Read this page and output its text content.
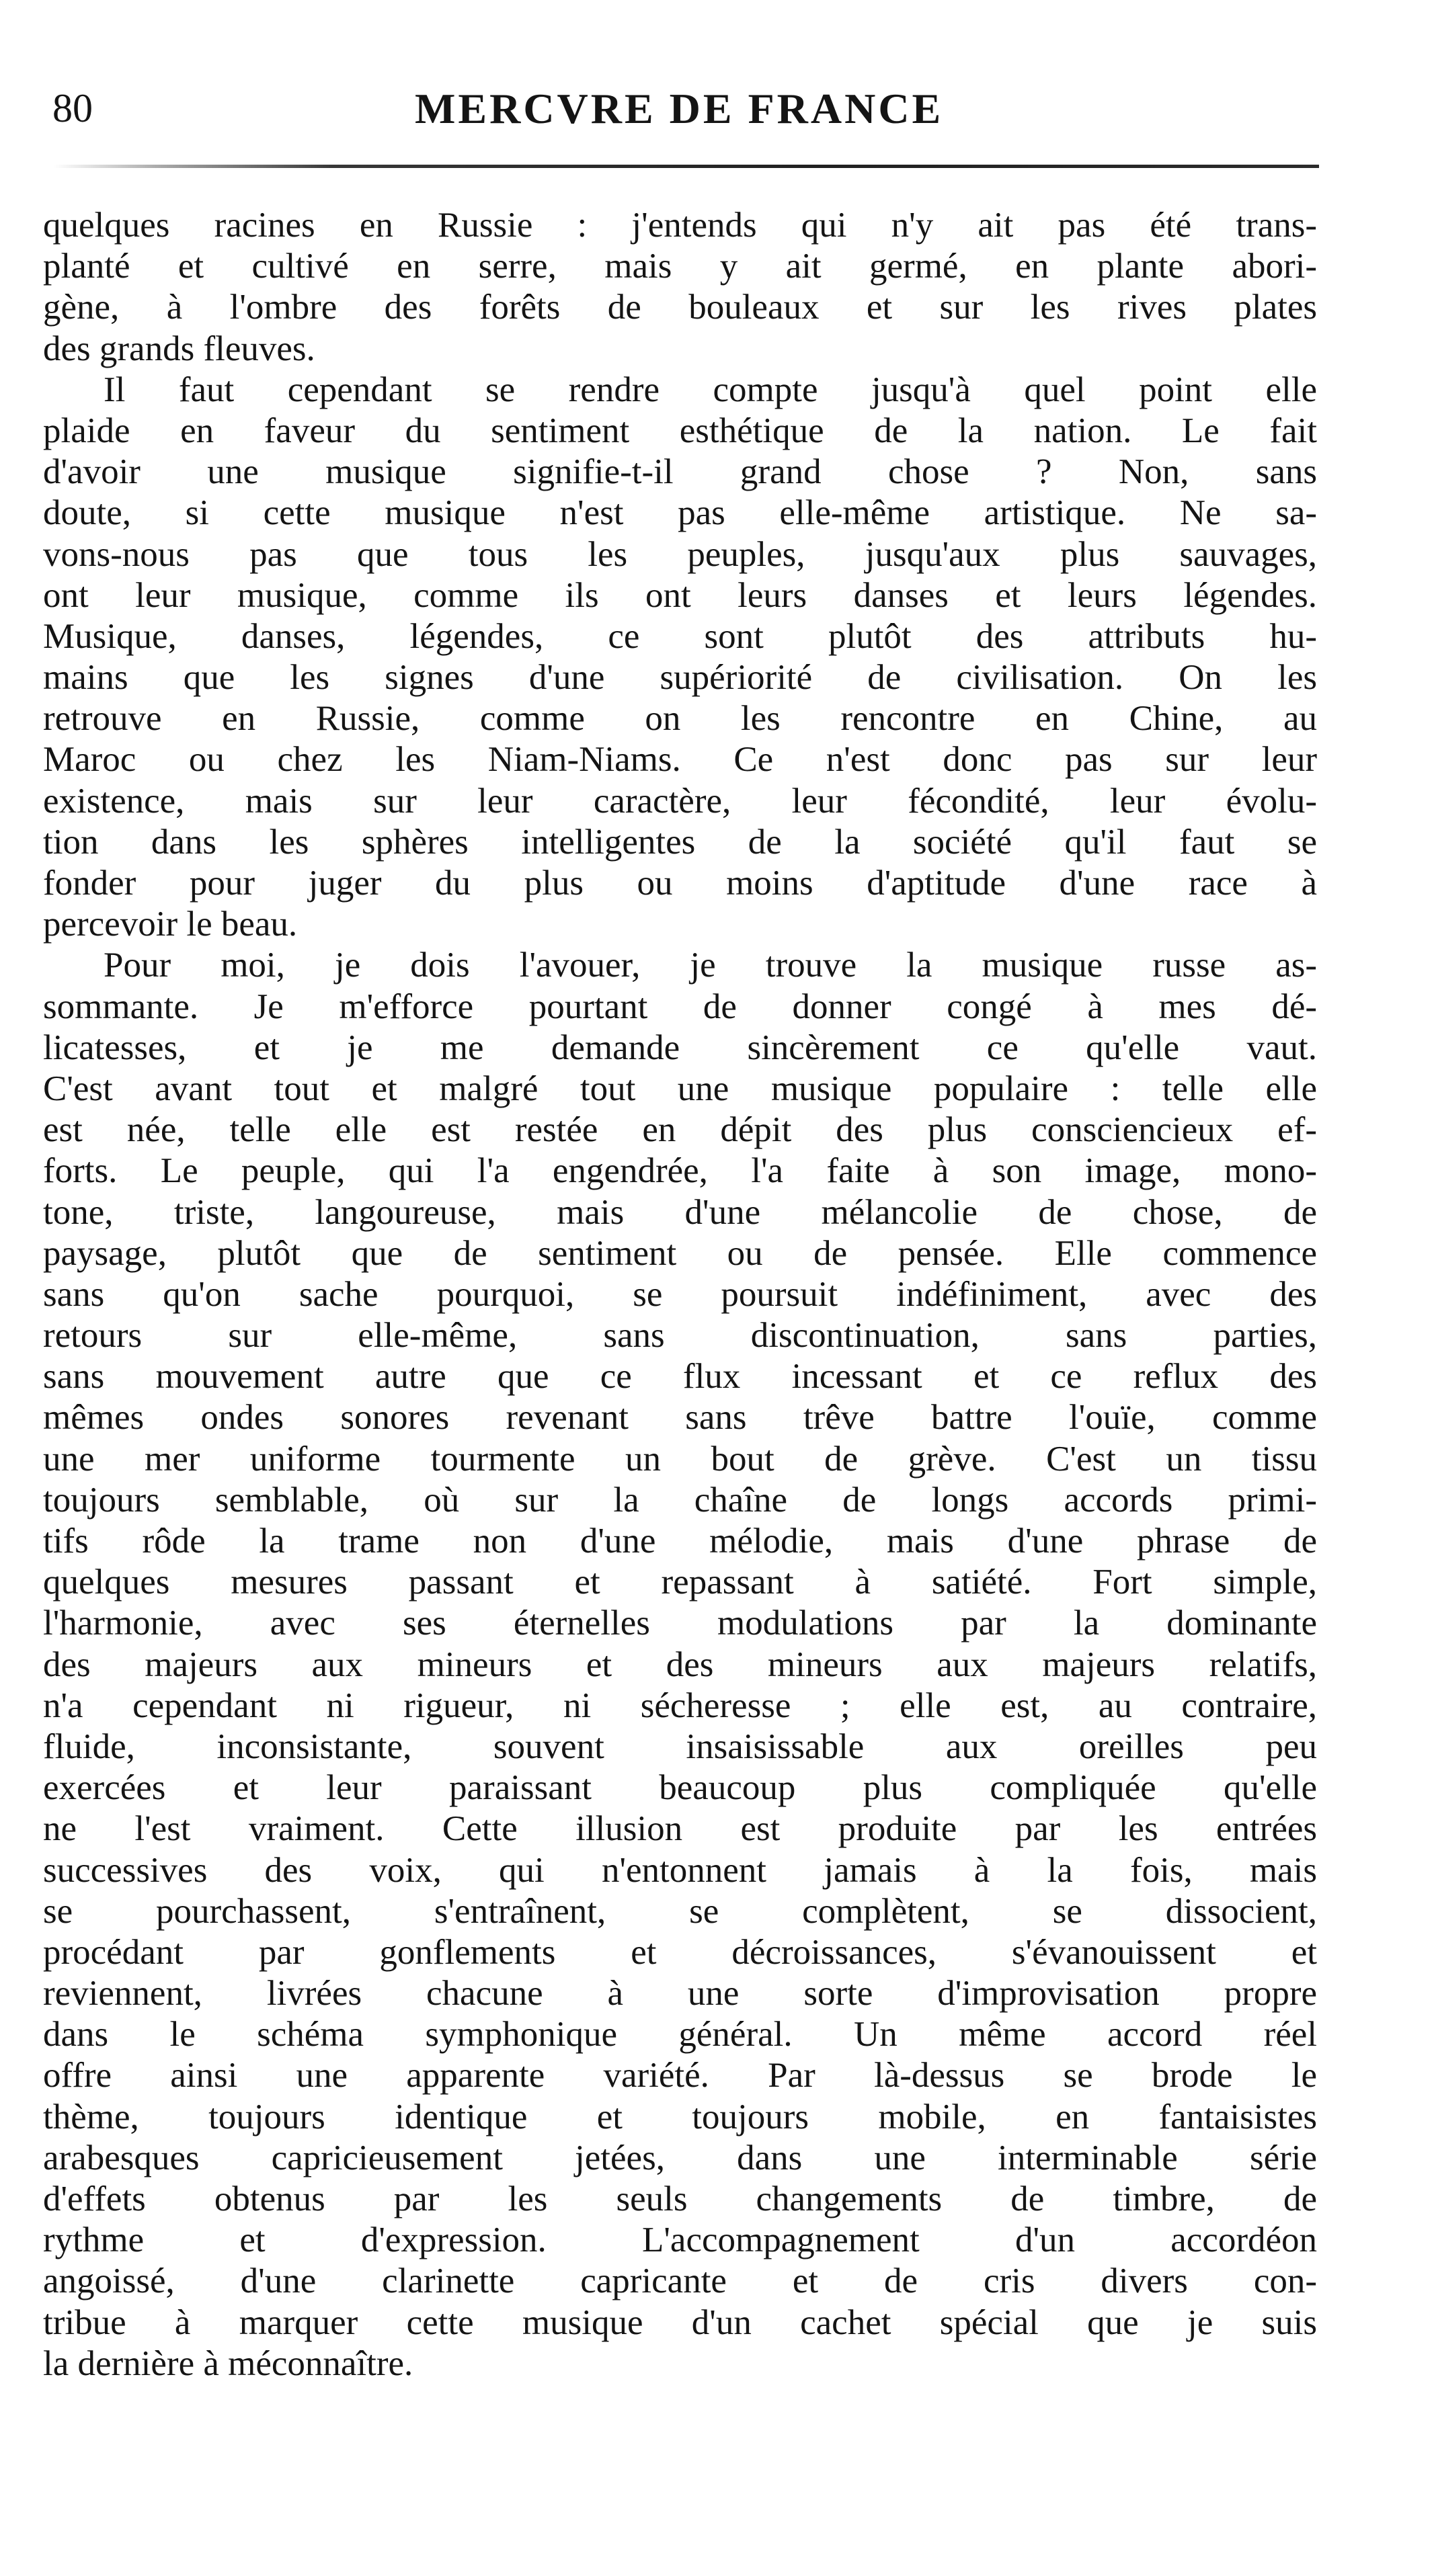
80	MERCVRE DE FRANCE
quelques racines en Russie : j'entends qui n'y ait pas été trans-
planté et cultivé en serre, mais y ait germé, en plante abori-
gène, à l'ombre des forêts de bouleaux et sur les rives plates
des grands fleuves.
Il faut cependant se rendre compte jusqu'à quel point elle
plaide en faveur du sentiment esthétique de la nation. Le fait
d'avoir une musique signifie-t-il grand chose ? Non, sans
doute, si cette musique n'est pas elle-même artistique. Ne sa-
vons-nous pas que tous les peuples, jusqu'aux plus sauvages,
ont leur musique, comme ils ont leurs danses et leurs légendes.
Musique, danses, légendes, ce sont plutôt des attributs hu-
mains que les signes d'une supériorité de civilisation. On les
retrouve en Russie, comme on les rencontre en Chine, au
Maroc ou chez les Niam-Niams. Ce n'est donc pas sur leur
existence, mais sur leur caractère, leur fécondité, leur évolu-
tion dans les sphères intelligentes de la société qu'il faut se
fonder pour juger du plus ou moins d'aptitude d'une race à
percevoir le beau.
Pour moi, je dois l'avouer, je trouve la musique russe as-
sommante. Je m'efforce pourtant de donner congé à mes dé-
licatesses, et je me demande sincèrement ce qu'elle vaut.
C'est avant tout et malgré tout une musique populaire : telle elle
est née, telle elle est restée en dépit des plus consciencieux ef-
forts. Le peuple, qui l'a engendrée, l'a faite à son image, mono-
tone, triste, langoureuse, mais d'une mélancolie de chose, de
paysage, plutôt que de sentiment ou de pensée. Elle commence
sans qu'on sache pourquoi, se poursuit indéfiniment, avec des
retours sur elle-même, sans discontinuation, sans parties,
sans mouvement autre que ce flux incessant et ce reflux des
mêmes ondes sonores revenant sans trêve battre l'ouïe, comme
une mer uniforme tourmente un bout de grève. C'est un tissu
toujours semblable, où sur la chaîne de longs accords primi-
tifs rôde la trame non d'une mélodie, mais d'une phrase de
quelques mesures passant et repassant à satiété. Fort simple,
l'harmonie, avec ses éternelles modulations par la dominante
des majeurs aux mineurs et des mineurs aux majeurs relatifs,
n'a cependant ni rigueur, ni sécheresse ; elle est, au contraire,
fluide, inconsistante, souvent insaisissable aux oreilles peu
exercées et leur paraissant beaucoup plus compliquée qu'elle
ne l'est vraiment. Cette illusion est produite par les entrées
successives des voix, qui n'entonnent jamais à la fois, mais
se pourchassent, s'entraînent, se complètent, se dissocient,
procédant par gonflements et décroissances, s'évanouissent et
reviennent, livrées chacune à une sorte d'improvisation propre
dans le schéma symphonique général. Un même accord réel
offre ainsi une apparente variété. Par là-dessus se brode le
thème, toujours identique et toujours mobile, en fantaisistes
arabesques capricieusement jetées, dans une interminable série
d'effets obtenus par les seuls changements de timbre, de
rythme et d'expression. L'accompagnement d'un accordéon
angoissé, d'une clarinette capricante et de cris divers con-
tribue à marquer cette musique d'un cachet spécial que je suis
la dernière à méconnaître.
